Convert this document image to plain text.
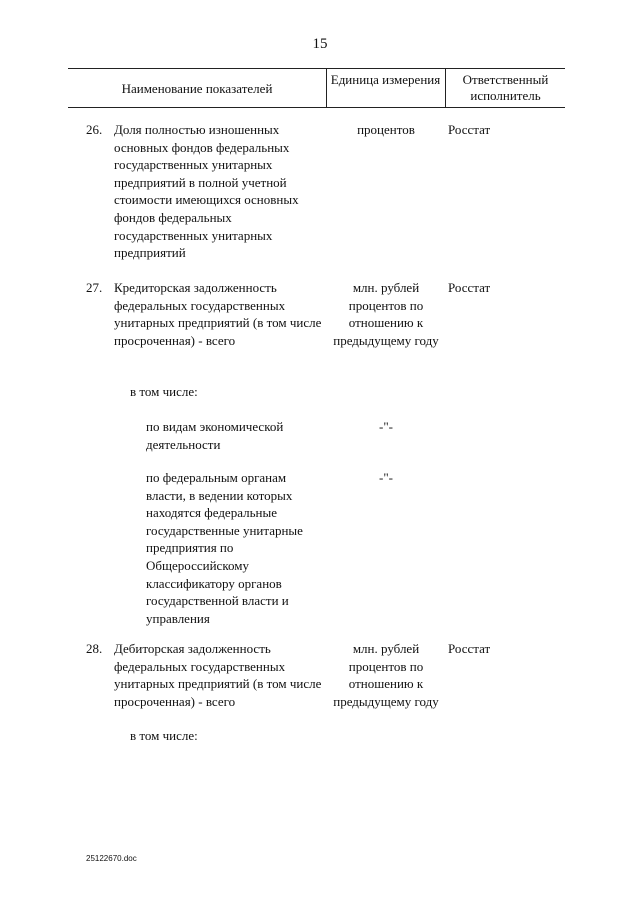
15
Наименование показателей
Единица измерения	Ответственный исполнитель
26. Доля полностью изношенных основных фондов федеральных государственных унитарных предприятий в полной учетной стоимости имеющихся основных фондов федеральных государственных унитарных предприятий
процентов	Росстат
27. Кредиторская задолженность федеральных государственных унитарных предприятий (в том числе просроченная) - всего
млн. рублей процентов по отношению к предыдущему году
Росстат
в том числе:
по видам экономической деятельности
-"-
по федеральным органам власти, в ведении которых находятся федеральные государственные унитарные предприятия по Общероссийскому классификатору органов государственной власти и управления
-"-
28. Дебиторская задолженность федеральных государственных унитарных предприятий (в том числе просроченная) - всего
млн. рублей процентов по отношению к предыдущему году
Росстат
в том числе:
25122670.doc
